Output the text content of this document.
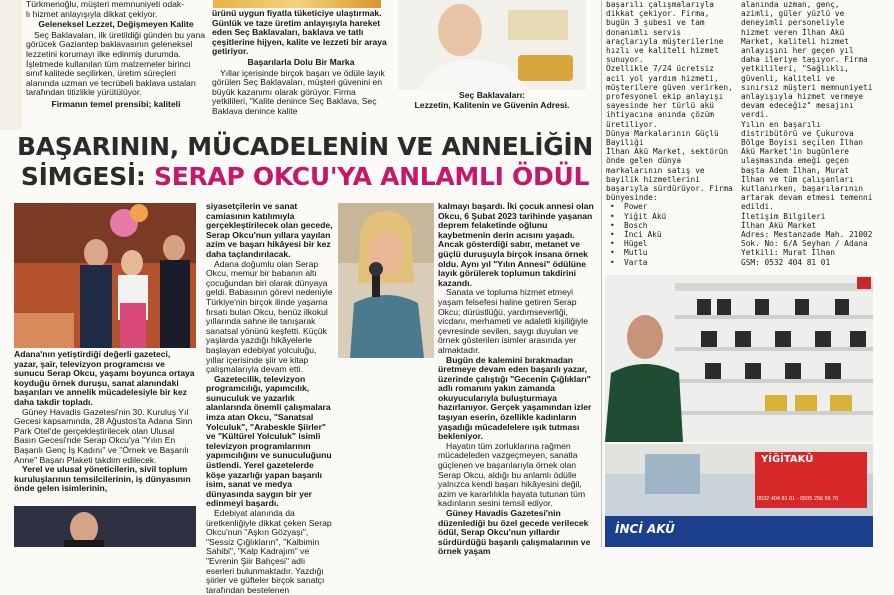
Türkmenoğlu, müşteri memnuniyeti odak-
lı hizmet anlayışıyla dikkat çekiyor.
Geleneksel Lezzet, Değişmeyen Kalite
Seç Baklavaları, ilk üretildiği günden bu yana görücek Gaziantep baklavasının geleneksel lezzetini korumayı ilke edinmiş durumda. İşletmede kullanılan tüm malzemeler birinci sınıf kalitede seçilirken, üretim süreçleri alanında uzman ve tecrübeli baklava ustaları tarafından titizlikle yürütülüyor.
Firmanın temel prensibi; kaliteli
ürünü uygun fiyatla tüketiciye ulaştırmak. Günlük ve taze üretim anlayışıyla hareket eden Seç Baklavaları, baklava ve tatlı çeşitlerine hijyen, kalite ve lezzeti bir araya getiriyor.
Başarılarla Dolu Bir Marka
Yıllar içerisinde birçok başarı ve ödüle layık görülen Seç Baklavaları, müşteri güvenini en büyük kazanımı olarak görüyor. Firma yetkilileri, "Kalite denince Seç Baklava, Seç Baklava denince kalite
Seç Baklavaları:
Lezzetin, Kalitenin ve Güvenin Adresi.
BAŞARININ, MÜCADELENİN VE ANNELİĞİN
SİMGESİ: SERAP OKCU'YA ANLAMLI ÖDÜL
Adana'nın yetiştirdiği değerli gazeteci, yazar, şair, televizyon programcısı ve sunucu Serap Okcu, yaşamı boyunca ortaya koyduğu örnek duruşu, sanat alanındaki başarıları ve annelik mücadelesiyle bir kez daha takdir topladı.
Güney Havadis Gazetesi'nin 30. Kuruluş Yıl Gecesi kapsamında, 28 Ağustos'ta Adana Sinn Park Otel'de gerçekleştirilecek olan Ulusal Basın Gecesi'nde Serap Okcu'ya "Yılın En Başarılı Genç İş Kadını" ve "Örnek ve Başarılı Anne" Başarı Plaketi takdim edilecek.
Yerel ve ulusal yöneticilerin, sivil toplum kuruluşlarının temsilcilerinin, iş dünyasının önde gelen isimlerinin,
siyasetçilerin ve sanat camiasının katılımıyla gerçekleştirilecek olan gecede, Serap Okcu'nun yıllara yayılan azim ve başarı hikâyesi bir kez daha taçlandırılacak.
Adana doğumlu olan Serap Okcu, memur bir babanın altı çocuğundan biri olarak dünyaya geldi. Babasının görevi nedeniyle Türkiye'nin birçok ilinde yaşama fırsatı bulan Okcu, henüz ilkokul yıllarında sahne ile tanışarak sanatsal yönünü keşfetti. Küçük yaşlarda yazdığı hikâyelerle başlayan edebiyat yolculuğu, yıllar içerisinde şiir ve kitap çalışmalarıyla devam etti.
Gazetecilik, televizyon programcılığı, yapımcılık, sunuculuk ve yazarlık alanlarında önemli çalışmalara imza atan Okcu, "Sanatsal Yolculuk", "Arabeskle Şiirler" ve "Kültürel Yolculuk" isimli televizyon programlarının yapımcılığını ve sunuculuğunu üstlendi. Yerel gazetelerde köşe yazarlığı yapan başarılı isim, sanat ve medya dünyasında saygın bir yer edinmeyi başardı.
Edebiyat alanında da üretkenliğiyle dikkat çeken Serap Okcu'nun "Aşkın Gözyaşı", "Sessiz Çığlıkların", "Kalbimin Sahibi", "Kalp Kadrajım" ve "Evrenin Şiir Bahçesi" adlı eserleri bulunmaktadır. Yazdığı şiirler ve güfteler birçok sanatçı tarafından bestelenen
kalmayı başardı. İki çocuk annesi olan Okcu, 6 Şubat 2023 tarihinde yaşanan deprem felaketinde oğlunu kaybetmenin derin acısını yaşadı. Ancak gösterdiği sabır, metanet ve güçlü duruşuyla birçok insana örnek oldu. Aynı yıl "Yılın Annesi" ödülüne layık görülerek toplumun takdirini kazandı.
Sanata ve topluma hizmet etmeyi yaşam felsefesi haline getiren Serap Okcu; dürüstlüğü, yardımseverliği, vicdanı, merhameti ve adaletli kişiliğiyle çevresinde sevilen, saygı duyulan ve örnek gösterilen isimler arasında yer almaktadır.
Bugün de kalemini bırakmadan üretmeye devam eden başarılı yazar, üzerinde çalıştığı "Gecenin Çığlıkları" adlı romanını yakın zamanda okuyucularıyla buluşturmaya hazırlanıyor. Gerçek yaşamından izler taşıyan eserin, özellikle kadınların yaşadığı mücadelelere ışık tutması bekleniyor.
Hayatın tüm zorluklarına rağmen mücadeleden vazgeçmeyen, sanatla güçlenen ve başarılarıyla örnek olan Serap Okcu, aldığı bu anlamlı ödülle yalnızca kendi başarı hikâyesini değil, azim ve kararlılıkla hayata tutunan tüm kadınların sesini temsil ediyor.
Güney Havadis Gazetesi'nin düzenlediği bu özel gecede verilecek ödül, Serap Okcu'nun yıllardır sürdürdüğü başarılı çalışmalarının ve örnek yaşam
başarılı çalışmalarıyla dikkat çekiyor. Firma, bugün 3 şubesi ve tam donanımlı servis araçlarıyla müşterilerine hızlı ve kaliteli hizmet sunuyor.
Özellikle 7/24 ücretsiz acil yol yardım hizmeti, müşterilere güven verirken, profesyonel ekip anlayışı sayesinde her türlü akü ihtiyacına anında çözüm üretiliyor.
Dünya Markalarının Güçlü Bayiliği
İlhan Akü Market, sektörün önde gelen dünya markalarının satış ve bayilik hizmetlerini başarıyla sürdürüyor. Firma bünyesinde:
• Power
• Yiğit Akü
• Bosch
• İnci Akü
• Hügel
• Mutlu
• Varta
alanında uzman, genç, azimli, güler yüzlü ve deneyimli personeliyle hizmet veren İlhan Akü Market, kaliteli hizmet anlayışını her geçen yıl daha ileriye taşıyor. Firma yetkilileri, "Sağlıklı, güvenli, kaliteli ve sınırsız müşteri memnuniyeti anlayışıyla hizmet vermeye devam edeceğiz" mesajını verdi.
Yılın en başarılı distribütörü ve Çukurova Bölge Boyisi seçilen İlhan Akü Market'in bugünlere ulaşmasında emeği geçen başta Adem İlhan, Murat İlhan ve tüm çalışanları kutlanırken, başarılarının artarak devam etmesi temenni edildi.
İletişim Bilgileri
İlhan Akü Market
Adres: Mestanzade Mah. 21002 Sok. No: 6/A Seyhan / Adana
Yetkili: Murat İlhan
GSM: 0532 404 81 01
YİĞİTAKÜ
0532 404 81 01 - 0505 256 56 70
İNCİ AKÜ
